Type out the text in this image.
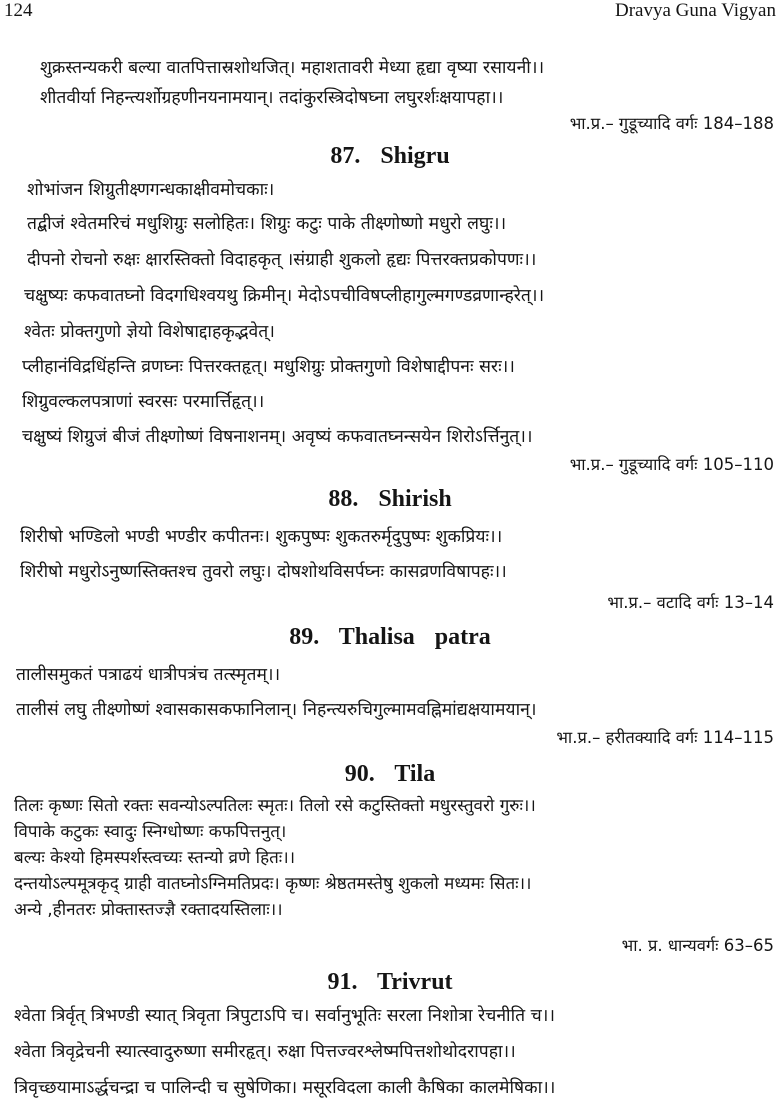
124	Dravya Guna Vigyan
शुक्रस्तन्यकरी बल्या वातपित्तास्रशोथजित्। महाशतावरी मेध्या हृद्या वृष्या रसायनी।।
शीतवीर्या निहन्त्यर्शोग्रहणीनयनामयान्। तदांकुरस्त्रिदोषघ्ना लघुरर्शःक्षयापहा।।
भा.प्र.– गुडूच्यादि वर्गः 184–188
87. Shigru
शोभांजन शिग्रुतीक्ष्णगन्धकाक्षीवमोचकाः।
तद्बीजं श्वेतमरिचं मधुशिग्रुः सलोहितः। शिग्रुः कटुः पाके तीक्ष्णोष्णो मधुरो लघुः।।
दीपनो रोचनो रुक्षः क्षारस्तिक्तो विदाहकृत् ।संग्राही शुकलो हृद्यः पित्तरक्तप्रकोपणः।।
चक्षुष्यः कफवातघ्नो विदगधिश्वयथु क्रिमीन्। मेदोऽपचीविषप्लीहागुल्मगण्डव्रणान्हरेत्।।
श्वेतः प्रोक्तगुणो ज्ञेयो विशेषाद्दाहकृद्भवेत्।
प्लीहानंविद्रधिंहन्ति व्रणघ्नः पित्तरक्तहृत्। मधुशिग्रुः प्रोक्तगुणो विशेषाद्दीपनः सरः।।
शिग्रुवल्कलपत्राणां स्वरसः परमार्त्तिहृत्।।
चक्षुष्यं शिग्रुजं बीजं तीक्ष्णोष्णं विषनाशनम्। अवृष्यं कफवातघ्नन्सयेन शिरोऽर्त्तिनुत्।।
भा.प्र.– गुडूच्यादि वर्गः 105–110
88. Shirish
शिरीषो भण्डिलो भण्डी भण्डीर कपीतनः। शुकपुष्पः शुकतरुर्मृदुपुष्पः शुकप्रियः।।
शिरीषो मधुरोऽनुष्णस्तिक्तश्च तुवरो लघुः। दोषशोथविसर्पघ्नः कासव्रणविषापहः।।
भा.प्र.– वटादि वर्गः 13–14
89. Thalisa patra
तालीसमुकतं पत्राढयं धात्रीपत्रंच तत्स्मृतम्।।
तालीसं लघु तीक्ष्णोष्णं श्वासकासकफानिलान्। निहन्त्यरुचिगुल्मामवह्निमांद्यक्षयामयान्।
भा.प्र.– हरीतक्यादि वर्गः 114–115
90. Tila
तिलः कृष्णः सितो रक्तः सवन्योऽल्पतिलः स्मृतः। तिलो रसे कटुस्तिक्तो मधुरस्तुवरो गुरुः।।
विपाके कटुकः स्वादुः स्निग्धोष्णः कफपित्तनुत्।
बल्यः केश्यो हिमस्पर्शस्त्वच्यः स्तन्यो व्रणे हितः।।
दन्तयोऽल्पमूत्रकृद् ग्राही वातघ्नोऽग्निमतिप्रदः। कृष्णः श्रेष्ठतमस्तेषु शुकलो मध्यमः सितः।।
अन्ये ,हीनतरः प्रोक्तास्तज्ज्ञै रक्तादयस्तिलाः।।
भा. प्र. धान्यवर्गः 63–65
91. Trivrut
श्वेता त्रिर्वृत् त्रिभण्डी स्यात् त्रिवृता त्रिपुटाऽपि च। सर्वानुभूतिः सरला निशोत्रा रेचनीति च।।
श्वेता त्रिवृद्रेचनी स्यात्स्वादुरुष्णा समीरहृत्। रुक्षा पित्तज्वरश्लेष्मपित्तशोथोदरापहा।।
त्रिवृच्छयामाऽर्द्धचन्द्रा च पालिन्दी च सुषेणिका। मसूरविदला काली कैषिका कालमेषिका।।
